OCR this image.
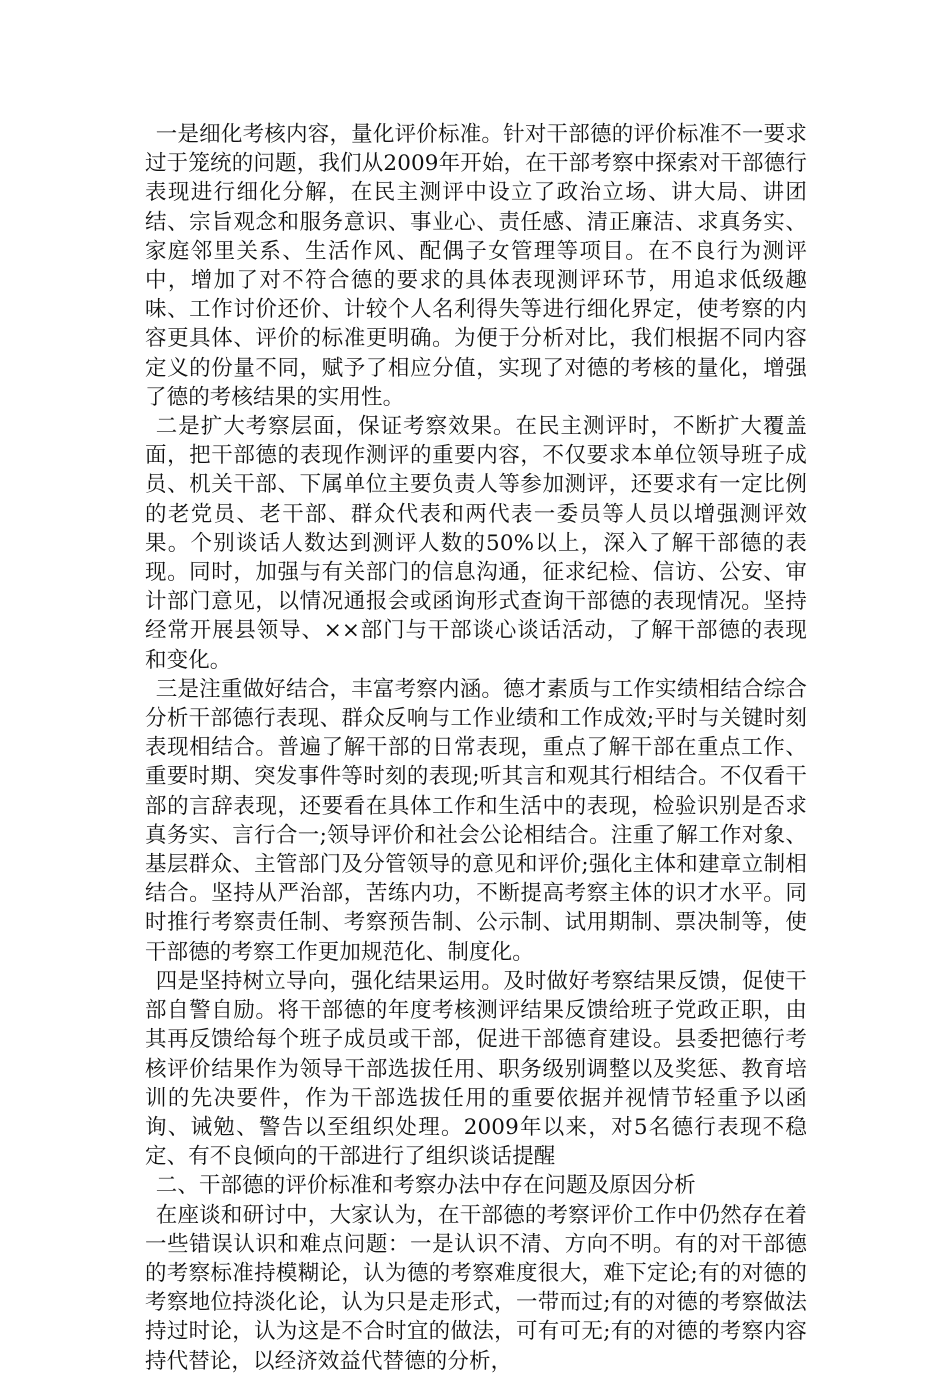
一是细化考核内容，量化评价标准。针对干部德的评价标准不一要求过于笼统的问题，我们从2009年开始，在干部考察中探索对干部德行表现进行细化分解，在民主测评中设立了政治立场、讲大局、讲团结、宗旨观念和服务意识、事业心、责任感、清正廉洁、求真务实、家庭邻里关系、生活作风、配偶子女管理等项目。在不良行为测评中，增加了对不符合德的要求的具体表现测评环节，用追求低级趣味、工作讨价还价、计较个人名利得失等进行细化界定，使考察的内容更具体、评价的标准更明确。为便于分析对比，我们根据不同内容定义的份量不同，赋予了相应分值，实现了对德的考核的量化，增强了德的考核结果的实用性。

二是扩大考察层面，保证考察效果。在民主测评时，不断扩大覆盖面，把干部德的表现作测评的重要内容，不仅要求本单位领导班子成员、机关干部、下属单位主要负责人等参加测评，还要求有一定比例的老党员、老干部、群众代表和两代表一委员等人员以增强测评效果。个别谈话人数达到测评人数的50%以上，深入了解干部德的表现。同时，加强与有关部门的信息沟通，征求纪检、信访、公安、审计部门意见，以情况通报会或函询形式查询干部德的表现情况。坚持经常开展县领导、××部门与干部谈心谈话活动，了解干部德的表现和变化。

三是注重做好结合，丰富考察内涵。德才素质与工作实绩相结合综合分析干部德行表现、群众反响与工作业绩和工作成效;平时与关键时刻表现相结合。普遍了解干部的日常表现，重点了解干部在重点工作、重要时期、突发事件等时刻的表现;听其言和观其行相结合。不仅看干部的言辞表现，还要看在具体工作和生活中的表现，检验识别是否求真务实、言行合一;领导评价和社会公论相结合。注重了解工作对象、基层群众、主管部门及分管领导的意见和评价;强化主体和建章立制相结合。坚持从严治部，苦练内功，不断提高考察主体的识才水平。同时推行考察责任制、考察预告制、公示制、试用期制、票决制等，使干部德的考察工作更加规范化、制度化。

四是坚持树立导向，强化结果运用。及时做好考察结果反馈，促使干部自警自励。将干部德的年度考核测评结果反馈给班子党政正职，由其再反馈给每个班子成员或干部，促进干部德育建设。县委把德行考核评价结果作为领导干部选拔任用、职务级别调整以及奖惩、教育培训的先决要件，作为干部选拔任用的重要依据并视情节轻重予以函询、诫勉、警告以至组织处理。2009年以来，对5名德行表现不稳定、有不良倾向的干部进行了组织谈话提醒

二、干部德的评价标准和考察办法中存在问题及原因分析

在座谈和研讨中，大家认为，在干部德的考察评价工作中仍然存在着一些错误认识和难点问题：一是认识不清、方向不明。有的对干部德的考察标准持模糊论，认为德的考察难度很大，难下定论;有的对德的考察地位持淡化论，认为只是走形式，一带而过;有的对德的考察做法持过时论，认为这是不合时宜的做法，可有可无;有的对德的考察内容持代替论，以经济效益代替德的分析，
